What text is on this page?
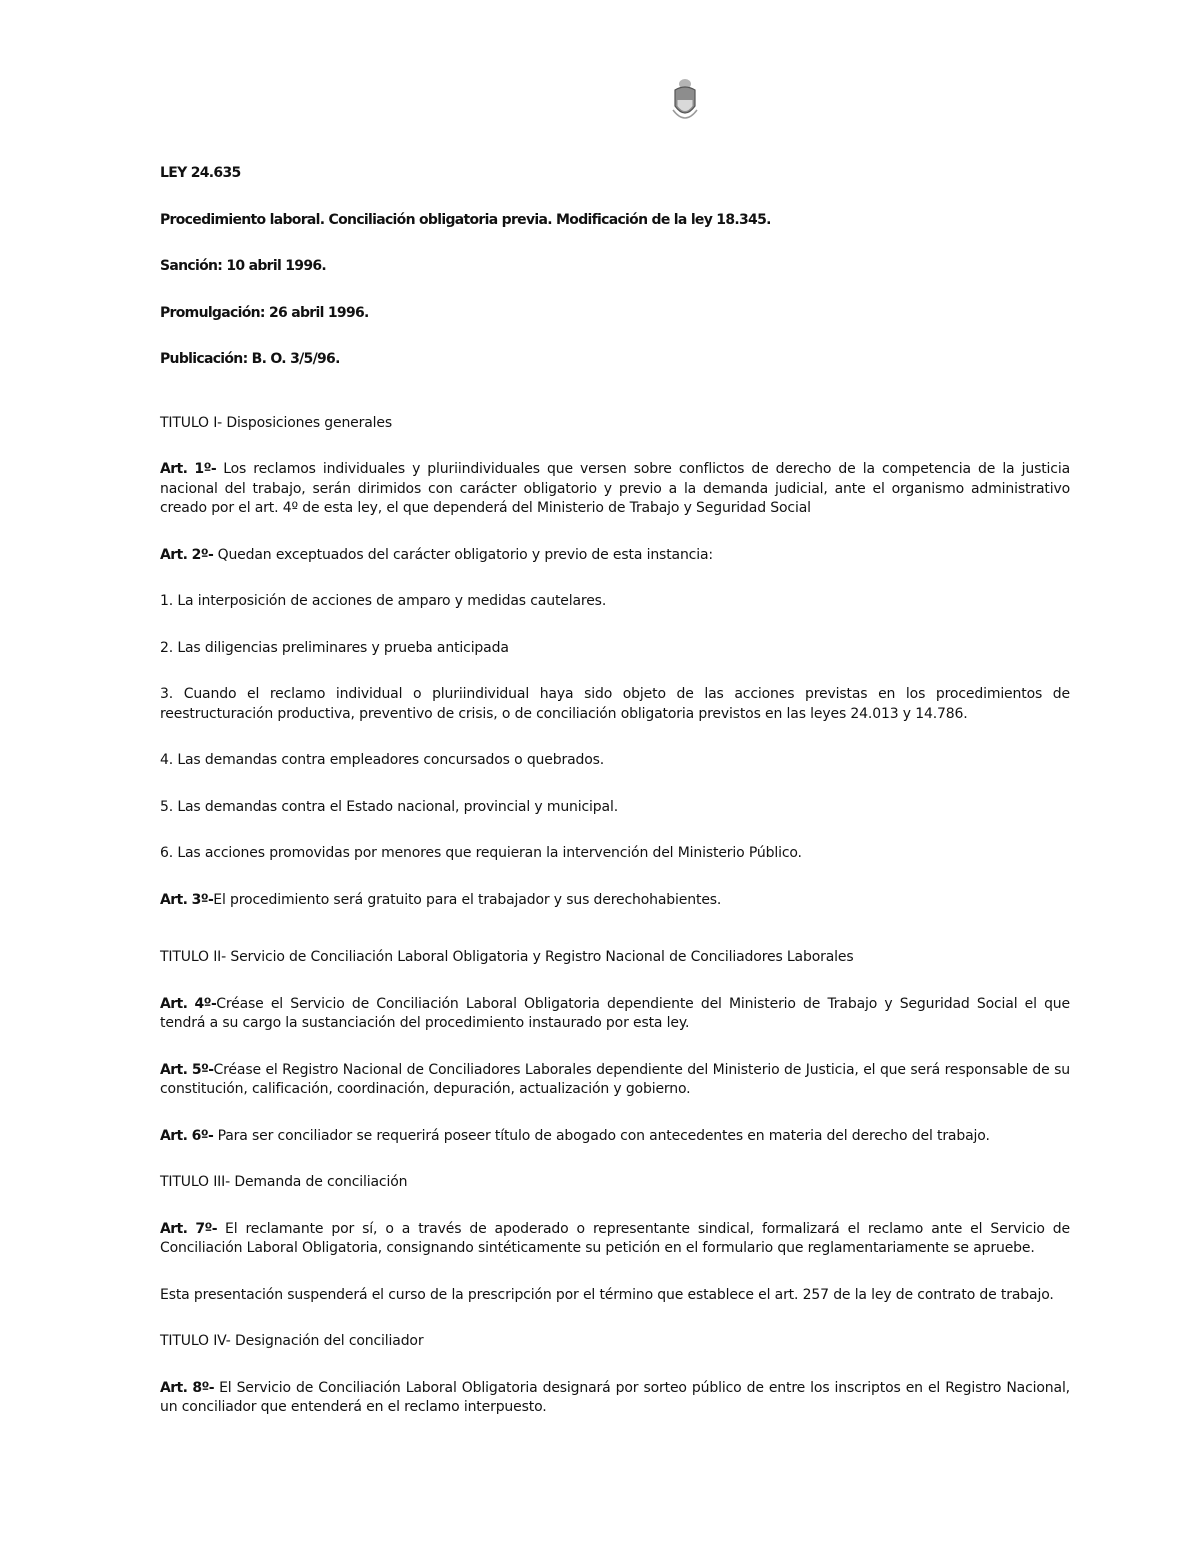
LEY 24.635

Procedimiento laboral. Conciliación obligatoria previa. Modificación de la ley 18.345.

Sanción: 10 abril 1996.

Promulgación: 26 abril 1996.

Publicación: B. O. 3/5/96.

TITULO I- Disposiciones generales

Art. 1º- Los reclamos individuales y pluriindividuales que versen sobre conflictos de derecho de la competencia de la justicia nacional del trabajo, serán dirimidos con carácter obligatorio y previo a la demanda judicial, ante el organismo administrativo creado por el art. 4º de esta ley, el que dependerá del Ministerio de Trabajo y Seguridad Social

Art. 2º- Quedan exceptuados del carácter obligatorio y previo de esta instancia:

1. La interposición de acciones de amparo y medidas cautelares.

2. Las diligencias preliminares y prueba anticipada

3. Cuando el reclamo individual o pluriindividual haya sido objeto de las acciones previstas en los procedimientos de reestructuración productiva, preventivo de crisis, o de conciliación obligatoria previstos en las leyes 24.013 y 14.786.

4. Las demandas contra empleadores concursados o quebrados.

5. Las demandas contra el Estado nacional, provincial y municipal.

6. Las acciones promovidas por menores que requieran la intervención del Ministerio Público.

Art. 3º-El procedimiento será gratuito para el trabajador y sus derechohabientes.

TITULO II- Servicio de Conciliación Laboral Obligatoria y Registro Nacional de Conciliadores Laborales

Art. 4º-Créase el Servicio de Conciliación Laboral Obligatoria dependiente del Ministerio de Trabajo y Seguridad Social el que tendrá a su cargo la sustanciación del procedimiento instaurado por esta ley.

Art. 5º-Créase el Registro Nacional de Conciliadores Laborales dependiente del Ministerio de Justicia, el que será responsable de su constitución, calificación, coordinación, depuración, actualización y gobierno.

Art. 6º- Para ser conciliador se requerirá poseer título de abogado con antecedentes en materia del derecho del trabajo.

TITULO III- Demanda de conciliación

Art. 7º- El reclamante por sí, o a través de apoderado o representante sindical, formalizará el reclamo ante el Servicio de Conciliación Laboral Obligatoria, consignando sintéticamente su petición en el formulario que reglamentariamente se apruebe.

Esta presentación suspenderá el curso de la prescripción por el término que establece el art. 257 de la ley de contrato de trabajo.

TITULO IV- Designación del conciliador

Art. 8º- El Servicio de Conciliación Laboral Obligatoria designará por sorteo público de entre los inscriptos en el Registro Nacional, un conciliador que entenderá en el reclamo interpuesto.
